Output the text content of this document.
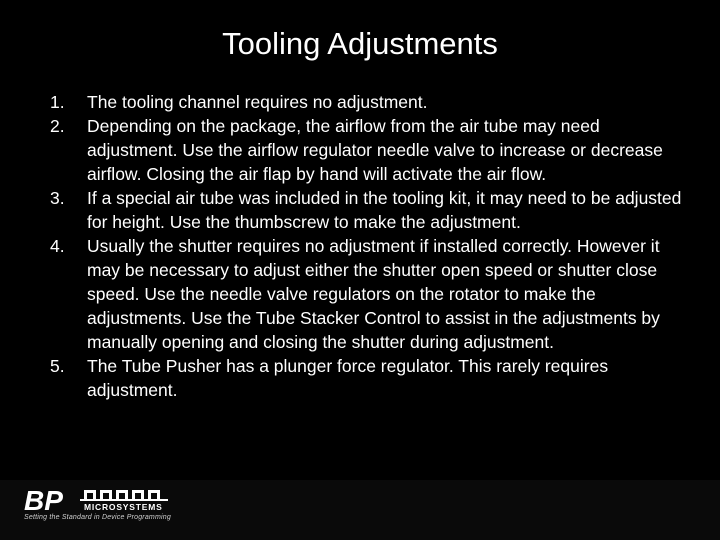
Tooling Adjustments
1. The tooling channel requires no adjustment.
2. Depending on the package, the airflow from the air tube may need adjustment. Use the airflow regulator needle valve to increase or decrease airflow. Closing the air flap by hand will activate the air flow.
3. If a special air tube was included in the tooling kit, it may need to be adjusted for height. Use the thumbscrew to make the adjustment.
4. Usually the shutter requires no adjustment if installed correctly. However it may be necessary to adjust either the shutter open speed or shutter close speed. Use the needle valve regulators on the rotator to make the adjustments. Use the Tube Stacker Control to assist in the adjustments by manually opening and closing the shutter during adjustment.
5. The Tube Pusher has a plunger force regulator. This rarely requires adjustment.
BP MICROSYSTEMS
Setting the Standard in Device Programming
